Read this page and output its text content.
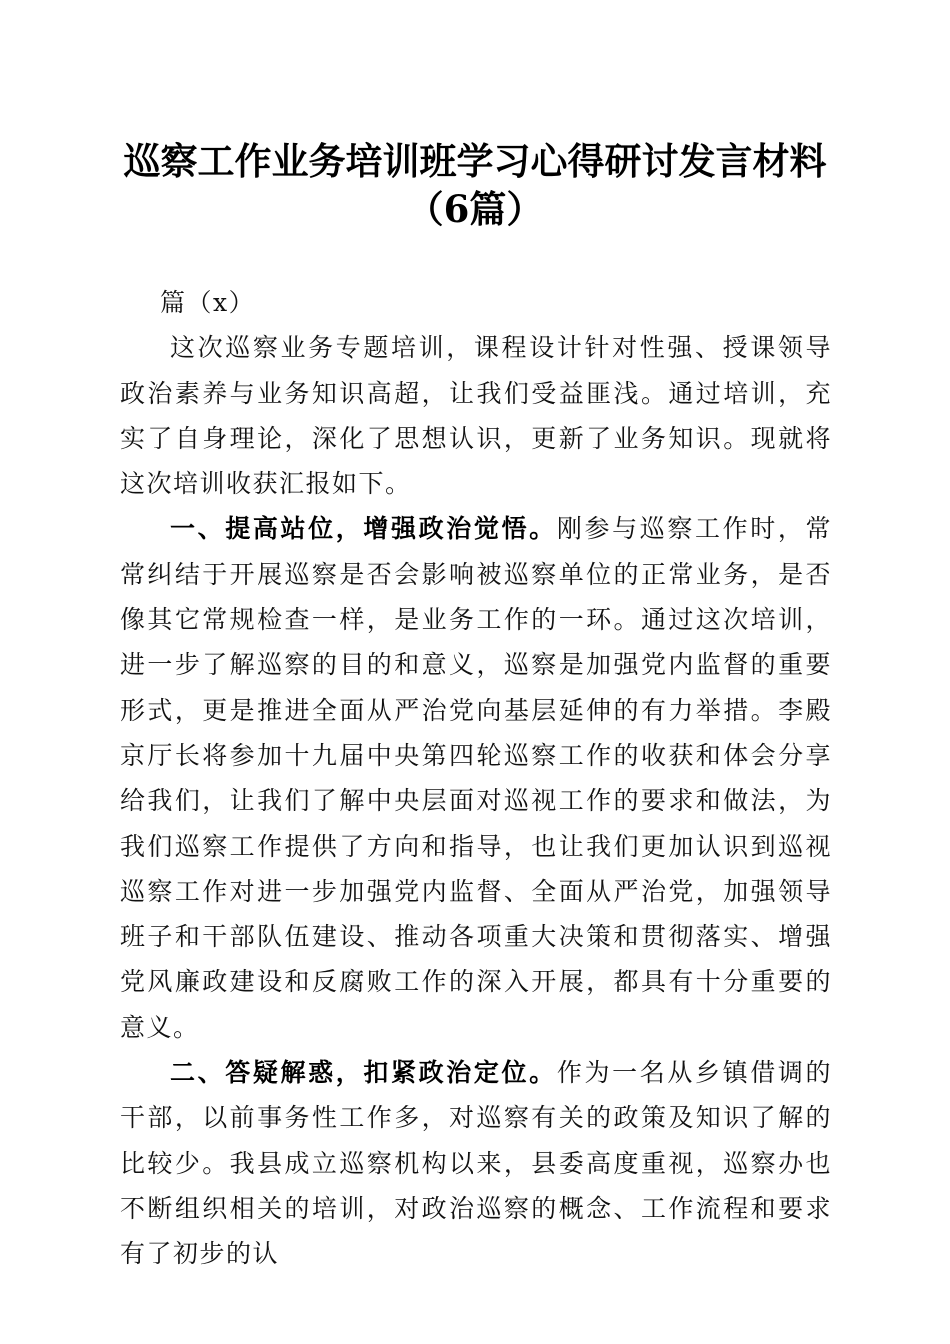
巡察工作业务培训班学习心得研讨发言材料
（6篇）

篇（x）

这次巡察业务专题培训，课程设计针对性强、授课领导政治素养与业务知识高超，让我们受益匪浅。通过培训，充实了自身理论，深化了思想认识，更新了业务知识。现就将这次培训收获汇报如下。

一、提高站位，增强政治觉悟。刚参与巡察工作时，常常纠结于开展巡察是否会影响被巡察单位的正常业务，是否像其它常规检查一样，是业务工作的一环。通过这次培训，进一步了解巡察的目的和意义，巡察是加强党内监督的重要形式，更是推进全面从严治党向基层延伸的有力举措。李殿京厅长将参加十九届中央第四轮巡察工作的收获和体会分享给我们，让我们了解中央层面对巡视工作的要求和做法，为我们巡察工作提供了方向和指导，也让我们更加认识到巡视巡察工作对进一步加强党内监督、全面从严治党，加强领导班子和干部队伍建设、推动各项重大决策和贯彻落实、增强党风廉政建设和反腐败工作的深入开展，都具有十分重要的意义。

二、答疑解惑，扣紧政治定位。作为一名从乡镇借调的干部，以前事务性工作多，对巡察有关的政策及知识了解的比较少。我县成立巡察机构以来，县委高度重视，巡察办也不断组织相关的培训，对政治巡察的概念、工作流程和要求有了初步的认
